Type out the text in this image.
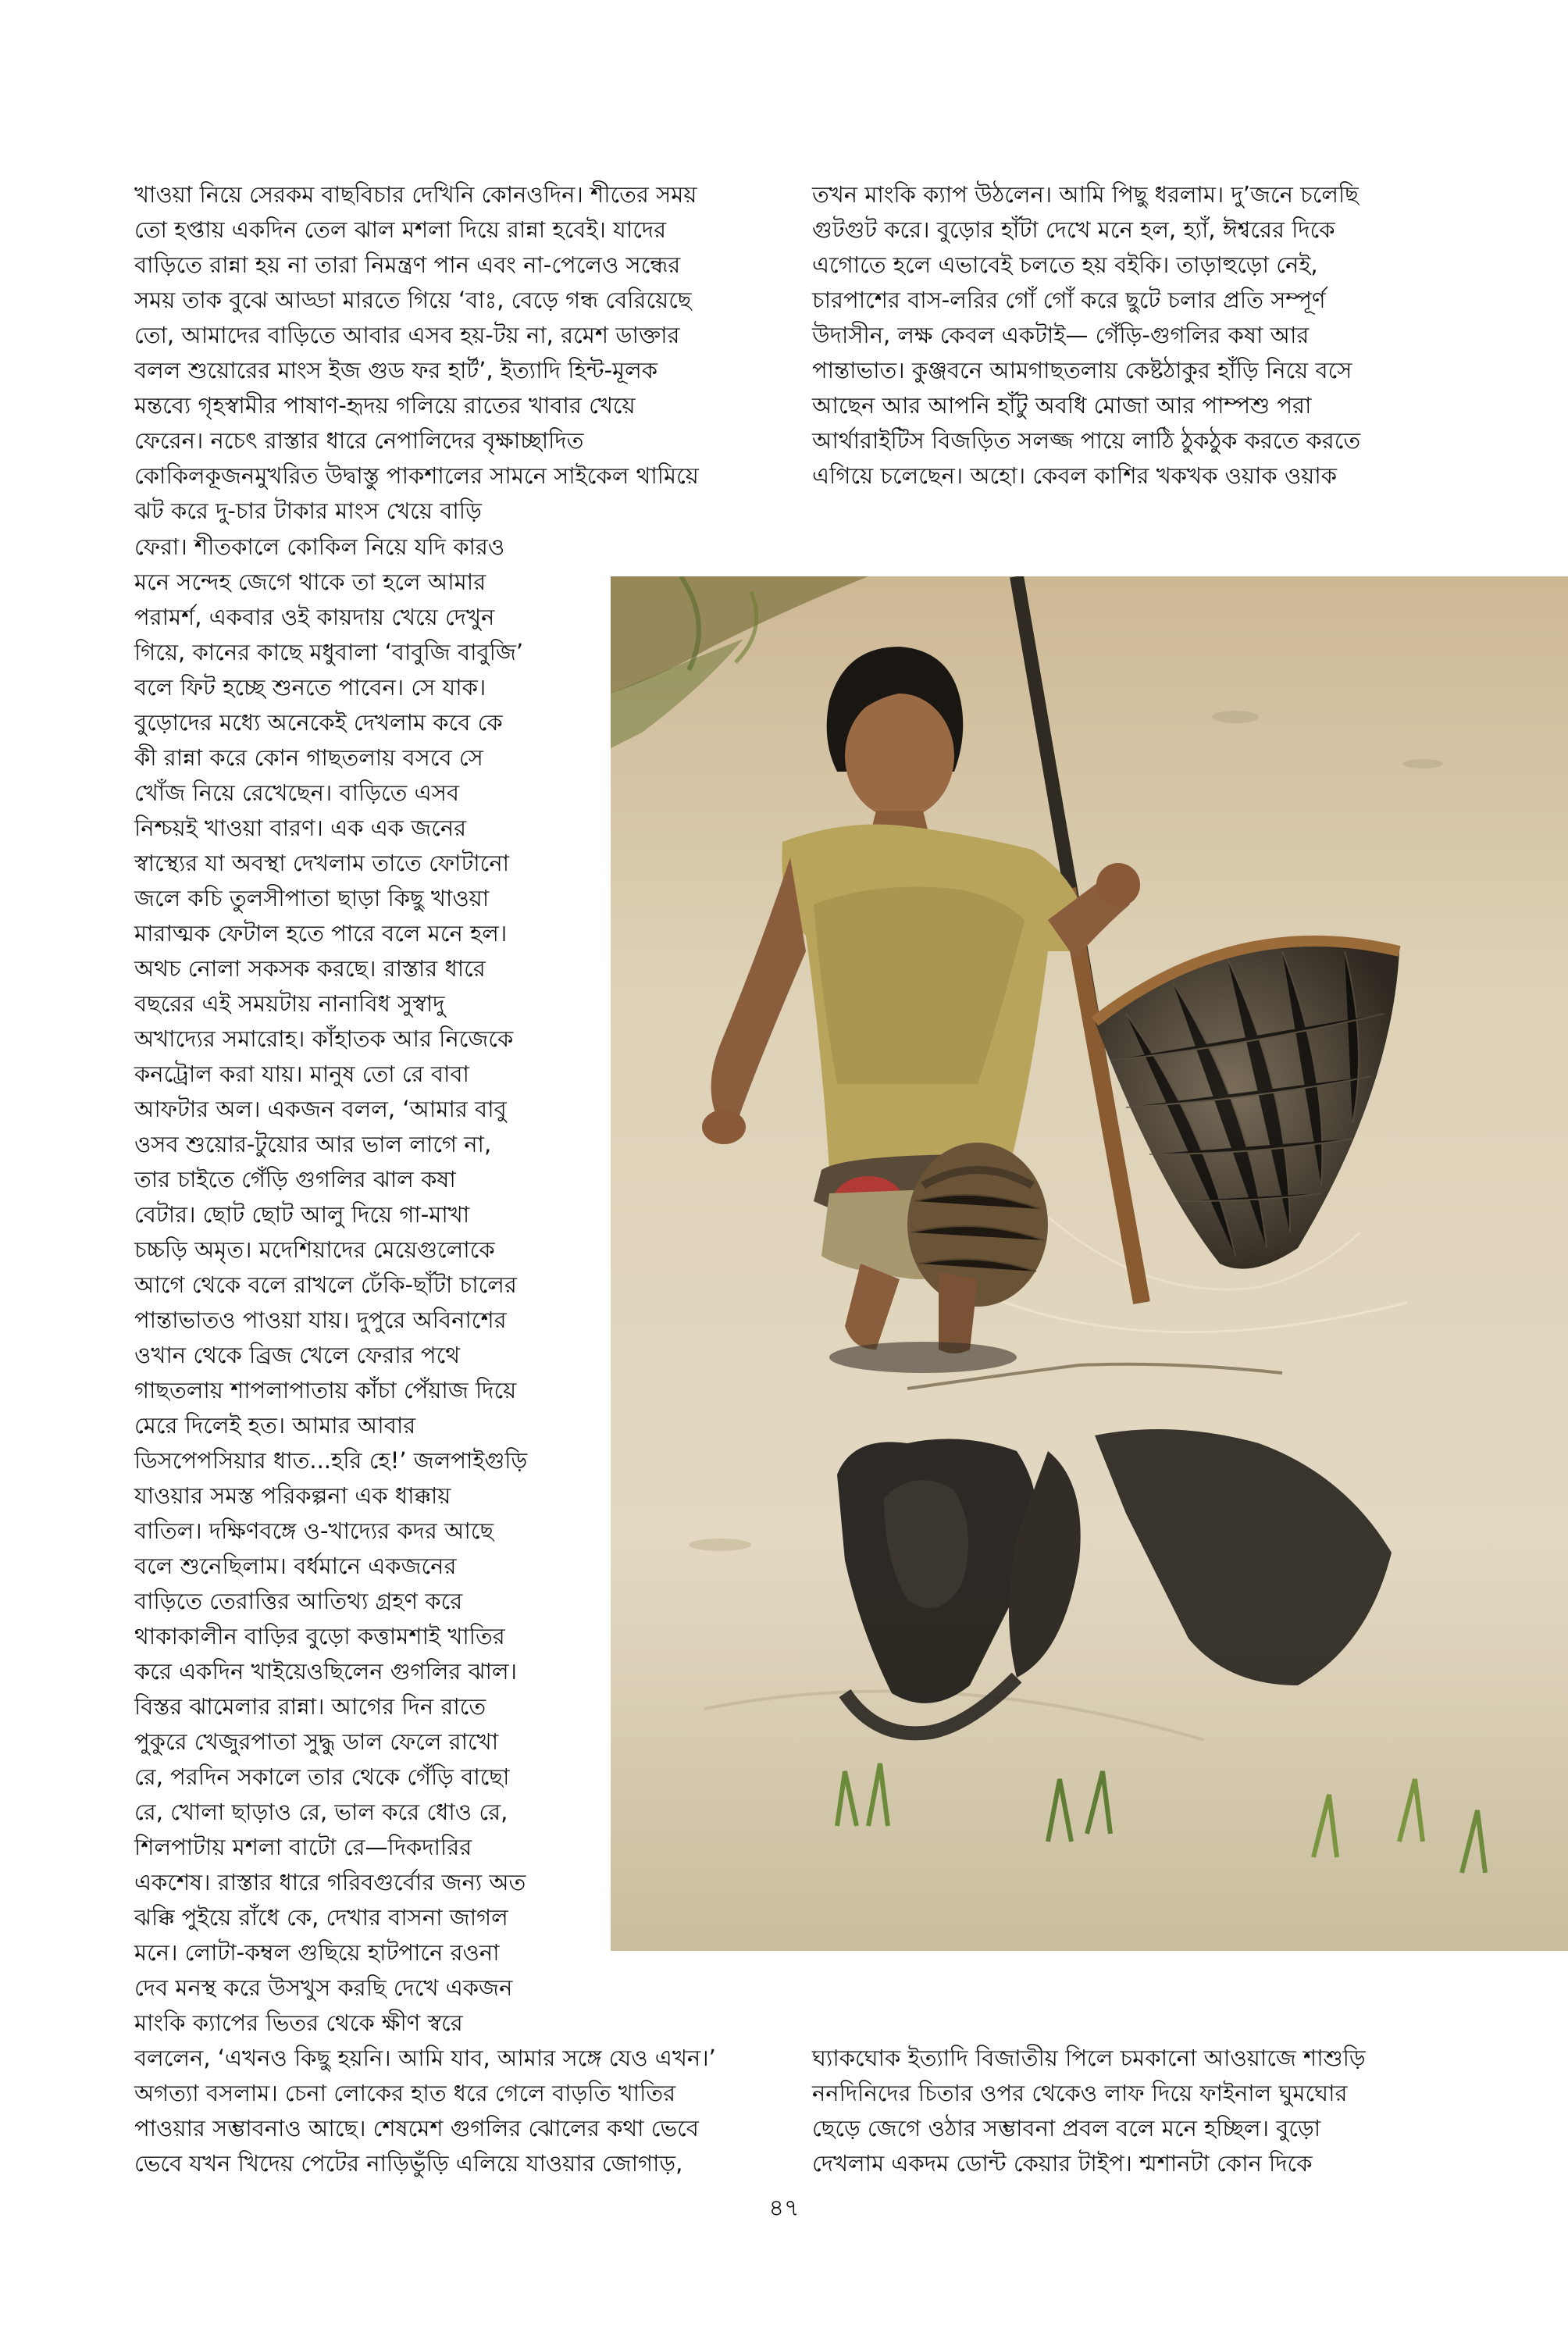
খাওয়া নিয়ে সেরকম বাছবিচার দেখিনি কোনওদিন। শীতের সময়
তো হপ্তায় একদিন তেল ঝাল মশলা দিয়ে রান্না হবেই। যাদের
বাড়িতে রান্না হয় না তারা নিমন্ত্রণ পান এবং না-পেলেও সন্ধের
সময় তাক বুঝে আড্ডা মারতে গিয়ে ‘বাঃ, বেড়ে গন্ধ বেরিয়েছে
তো, আমাদের বাড়িতে আবার এসব হয়-টয় না, রমেশ ডাক্তার
বলল শুয়োরের মাংস ইজ গুড ফর হার্ট’, ইত্যাদি হিন্ট-মূলক
মন্তব্যে গৃহস্বামীর পাষাণ-হৃদয় গলিয়ে রাতের খাবার খেয়ে
ফেরেন। নচেৎ রাস্তার ধারে নেপালিদের বৃক্ষাচ্ছাদিত
কোকিলকূজনমুখরিত উদ্বাস্তু পাকশালের সামনে সাইকেল থামিয়ে
ঝট করে দু-চার টাকার মাংস খেয়ে বাড়ি
ফেরা। শীতকালে কোকিল নিয়ে যদি কারও
মনে সন্দেহ জেগে থাকে তা হলে আমার
পরামর্শ, একবার ওই কায়দায় খেয়ে দেখুন
গিয়ে, কানের কাছে মধুবালা ‘বাবুজি বাবুজি’
বলে ফিট হচ্ছে শুনতে পাবেন। সে যাক।
বুড়োদের মধ্যে অনেকেই দেখলাম কবে কে
কী রান্না করে কোন গাছতলায় বসবে সে
খোঁজ নিয়ে রেখেছেন। বাড়িতে এসব
নিশ্চয়ই খাওয়া বারণ। এক এক জনের
স্বাস্থ্যের যা অবস্থা দেখলাম তাতে ফোটানো
জলে কচি তুলসীপাতা ছাড়া কিছু খাওয়া
মারাত্মক ফেটাল হতে পারে বলে মনে হল।
অথচ নোলা সকসক করছে। রাস্তার ধারে
বছরের এই সময়টায় নানাবিধ সুস্বাদু
অখাদ্যের সমারোহ। কাঁহাতক আর নিজেকে
কনট্রোল করা যায়। মানুষ তো রে বাবা
আফটার অল। একজন বলল, ‘আমার বাবু
ওসব শুয়োর-টুয়োর আর ভাল লাগে না,
তার চাইতে গেঁড়ি গুগলির ঝাল কষা
বেটার। ছোট ছোট আলু দিয়ে গা-মাখা
চচ্চড়ি অমৃত। মদেশিয়াদের মেয়েগুলোকে
আগে থেকে বলে রাখলে ঢেঁকি-ছাঁটা চালের
পান্তাভাতও পাওয়া যায়। দুপুরে অবিনাশের
ওখান থেকে ব্রিজ খেলে ফেরার পথে
গাছতলায় শাপলাপাতায় কাঁচা পেঁয়াজ দিয়ে
মেরে দিলেই হত। আমার আবার
ডিসপেপসিয়ার ধাত...হরি হে!’ জলপাইগুড়ি
যাওয়ার সমস্ত পরিকল্পনা এক ধাক্কায়
বাতিল। দক্ষিণবঙ্গে ও-খাদ্যের কদর আছে
বলে শুনেছিলাম। বর্ধমানে একজনের
বাড়িতে তেরাত্তির আতিথ্য গ্রহণ করে
থাকাকালীন বাড়ির বুড়ো কত্তামশাই খাতির
করে একদিন খাইয়েওছিলেন গুগলির ঝাল।
বিস্তর ঝামেলার রান্না। আগের দিন রাতে
পুকুরে খেজুরপাতা সুদ্ধু ডাল ফেলে রাখো
রে, পরদিন সকালে তার থেকে গেঁড়ি বাছো
রে, খোলা ছাড়াও রে, ভাল করে ধোও রে,
শিলপাটায় মশলা বাটো রে—দিকদারির
একশেষ। রাস্তার ধারে গরিবগুর্বোর জন্য অত
ঝক্কি পুইয়ে রাঁধে কে, দেখার বাসনা জাগল
মনে। লোটা-কম্বল গুছিয়ে হাটপানে রওনা
দেব মনস্থ করে উসখুস করছি দেখে একজন
মাংকি ক্যাপের ভিতর থেকে ক্ষীণ স্বরে
বললেন, ‘এখনও কিছু হয়নি। আমি যাব, আমার সঙ্গে যেও এখন।’
অগত্যা বসলাম। চেনা লোকের হাত ধরে গেলে বাড়তি খাতির
পাওয়ার সম্ভাবনাও আছে। শেষমেশ গুগলির ঝোলের কথা ভেবে
ভেবে যখন খিদেয় পেটের নাড়িভুঁড়ি এলিয়ে যাওয়ার জোগাড়,
তখন মাংকি ক্যাপ উঠলেন। আমি পিছু ধরলাম। দু’জনে চলেছি
গুটগুট করে। বুড়োর হাঁটা দেখে মনে হল, হ্যাঁ, ঈশ্বরের দিকে
এগোতে হলে এভাবেই চলতে হয় বইকি। তাড়াহুড়ো নেই,
চারপাশের বাস-লরির গোঁ গোঁ করে ছুটে চলার প্রতি সম্পূর্ণ
উদাসীন, লক্ষ কেবল একটাই— গেঁড়ি-গুগলির কষা আর
পান্তাভাত। কুঞ্জবনে আমগাছতলায় কেষ্টঠাকুর হাঁড়ি নিয়ে বসে
আছেন আর আপনি হাঁটু অবধি মোজা আর পাম্পশু পরা
আর্থারাইটিস বিজড়িত সলজ্জ পায়ে লাঠি ঠুকঠুক করতে করতে
এগিয়ে চলেছেন। অহো। কেবল কাশির খকখক ওয়াক ওয়াক
ঘ্যাকঘোক ইত্যাদি বিজাতীয় পিলে চমকানো আওয়াজে শাশুড়ি
ননদিনিদের চিতার ওপর থেকেও লাফ দিয়ে ফাইনাল ঘুমঘোর
ছেড়ে জেগে ওঠার সম্ভাবনা প্রবল বলে মনে হচ্ছিল। বুড়ো
দেখলাম একদম ডোন্ট কেয়ার টাইপ। শ্মশানটা কোন দিকে
৪৭
